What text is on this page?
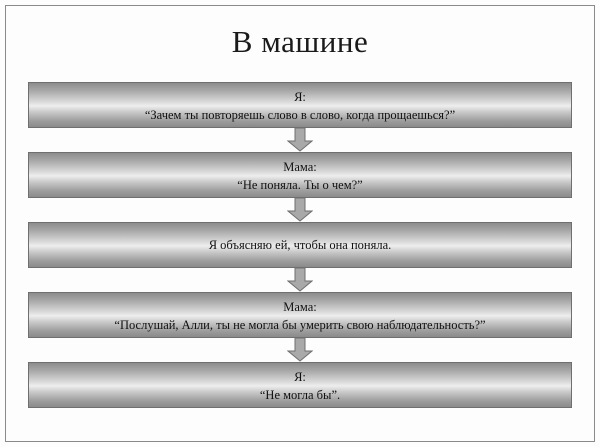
В машине
Я:
“Зачем ты повторяешь слово в слово, когда прощаешься?”
Мама:
“Не поняла. Ты о чем?”
Я объясняю ей, чтобы она поняла.
Мама:
“Послушай, Алли, ты не могла бы умерить свою наблюдательность?”
Я:
“Не могла бы”.
